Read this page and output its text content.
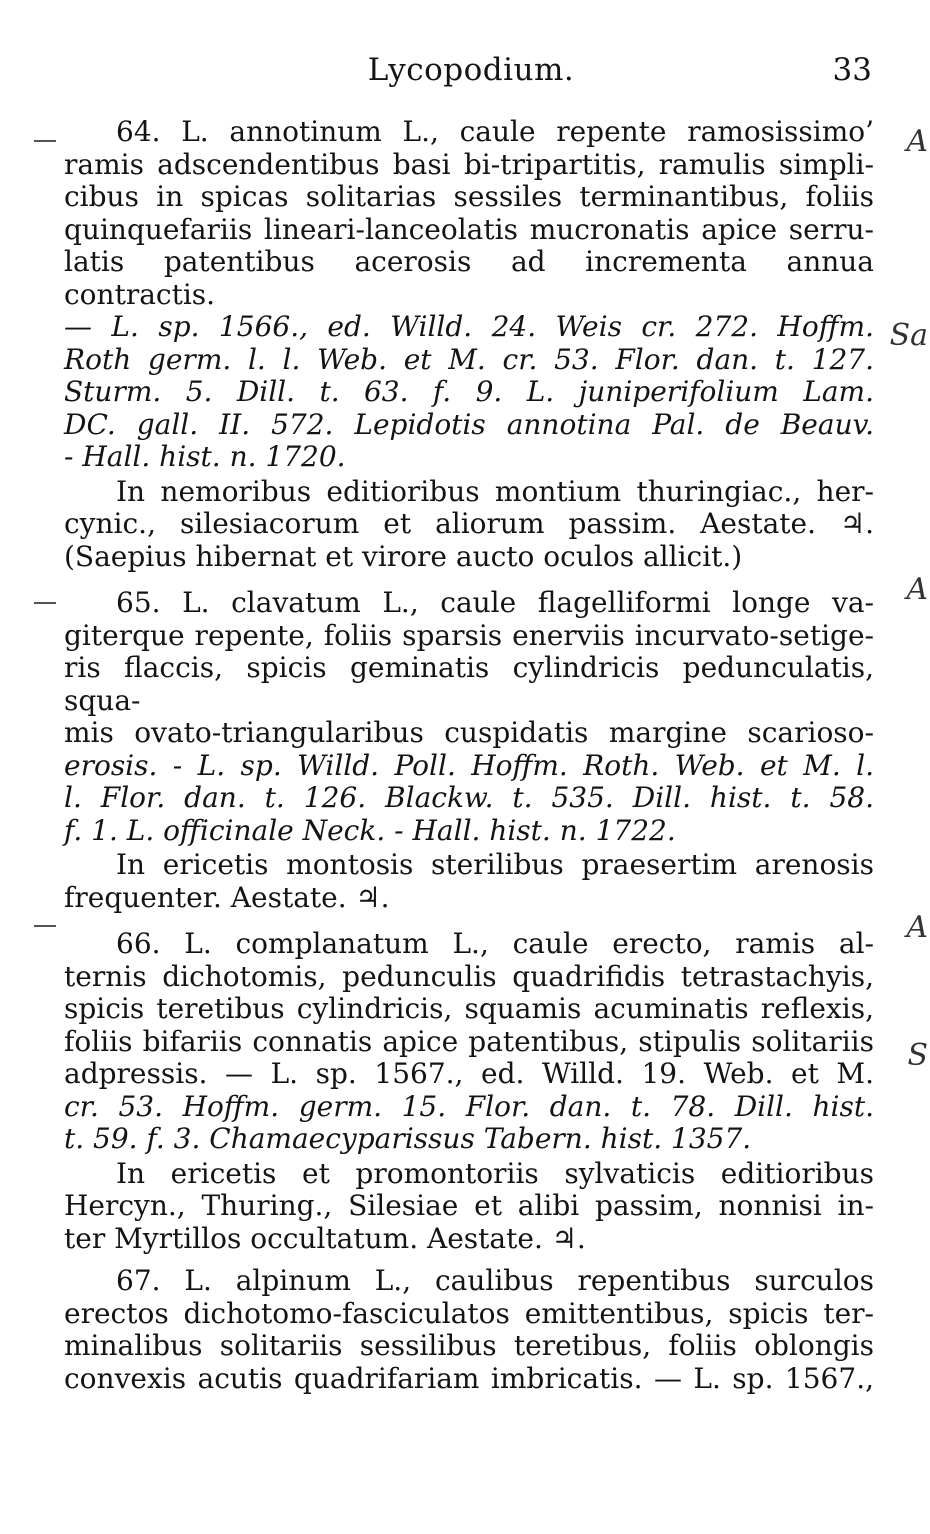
Lycopodium.	33
A
Sa
A
A
S
64. L. annotinum L., caule repente ramosissimo’
ramis adscendentibus basi bi-tripartitis, ramulis simpli-
cibus in spicas solitarias sessiles terminantibus, foliis
quinquefariis lineari-lanceolatis mucronatis apice serru-
latis patentibus acerosis ad incrementa annua contractis.
— L. sp. 1566., ed. Willd. 24. Weis cr. 272. Hoffm.
Roth germ. l. l. Web. et M. cr. 53. Flor. dan. t. 127.
Sturm. 5. Dill. t. 63. f. 9. L. juniperifolium Lam.
DC. gall. II. 572. Lepidotis annotina Pal. de Beauv.
- Hall. hist. n. 1720.
In nemoribus editioribus montium thuringiac., her-
cynic., silesiacorum et aliorum passim. Aestate. ♃.
(Saepius hibernat et virore aucto oculos allicit.)
65. L. clavatum L., caule flagelliformi longe va-
giterque repente, foliis sparsis enerviis incurvato-setige-
ris flaccis, spicis geminatis cylindricis pedunculatis, squa-
mis ovato-triangularibus cuspidatis margine scarioso-
erosis. - L. sp. Willd. Poll. Hoffm. Roth. Web. et M. l.
l. Flor. dan. t. 126. Blackw. t. 535. Dill. hist. t. 58.
f. 1. L. officinale Neck. - Hall. hist. n. 1722.
In ericetis montosis sterilibus praesertim arenosis
frequenter. Aestate. ♃.
66. L. complanatum L., caule erecto, ramis al-
ternis dichotomis, pedunculis quadrifidis tetrastachyis,
spicis teretibus cylindricis, squamis acuminatis reflexis,
foliis bifariis connatis apice patentibus, stipulis solitariis
adpressis. — L. sp. 1567., ed. Willd. 19. Web. et M.
cr. 53. Hoffm. germ. 15. Flor. dan. t. 78. Dill. hist.
t. 59. f. 3. Chamaecyparissus Tabern. hist. 1357.
In ericetis et promontoriis sylvaticis editioribus
Hercyn., Thuring., Silesiae et alibi passim, nonnisi in-
ter Myrtillos occultatum. Aestate. ♃.
67. L. alpinum L., caulibus repentibus surculos
erectos dichotomo-fasciculatos emittentibus, spicis ter-
minalibus solitariis sessilibus teretibus, foliis oblongis
convexis acutis quadrifariam imbricatis. — L. sp. 1567.,
